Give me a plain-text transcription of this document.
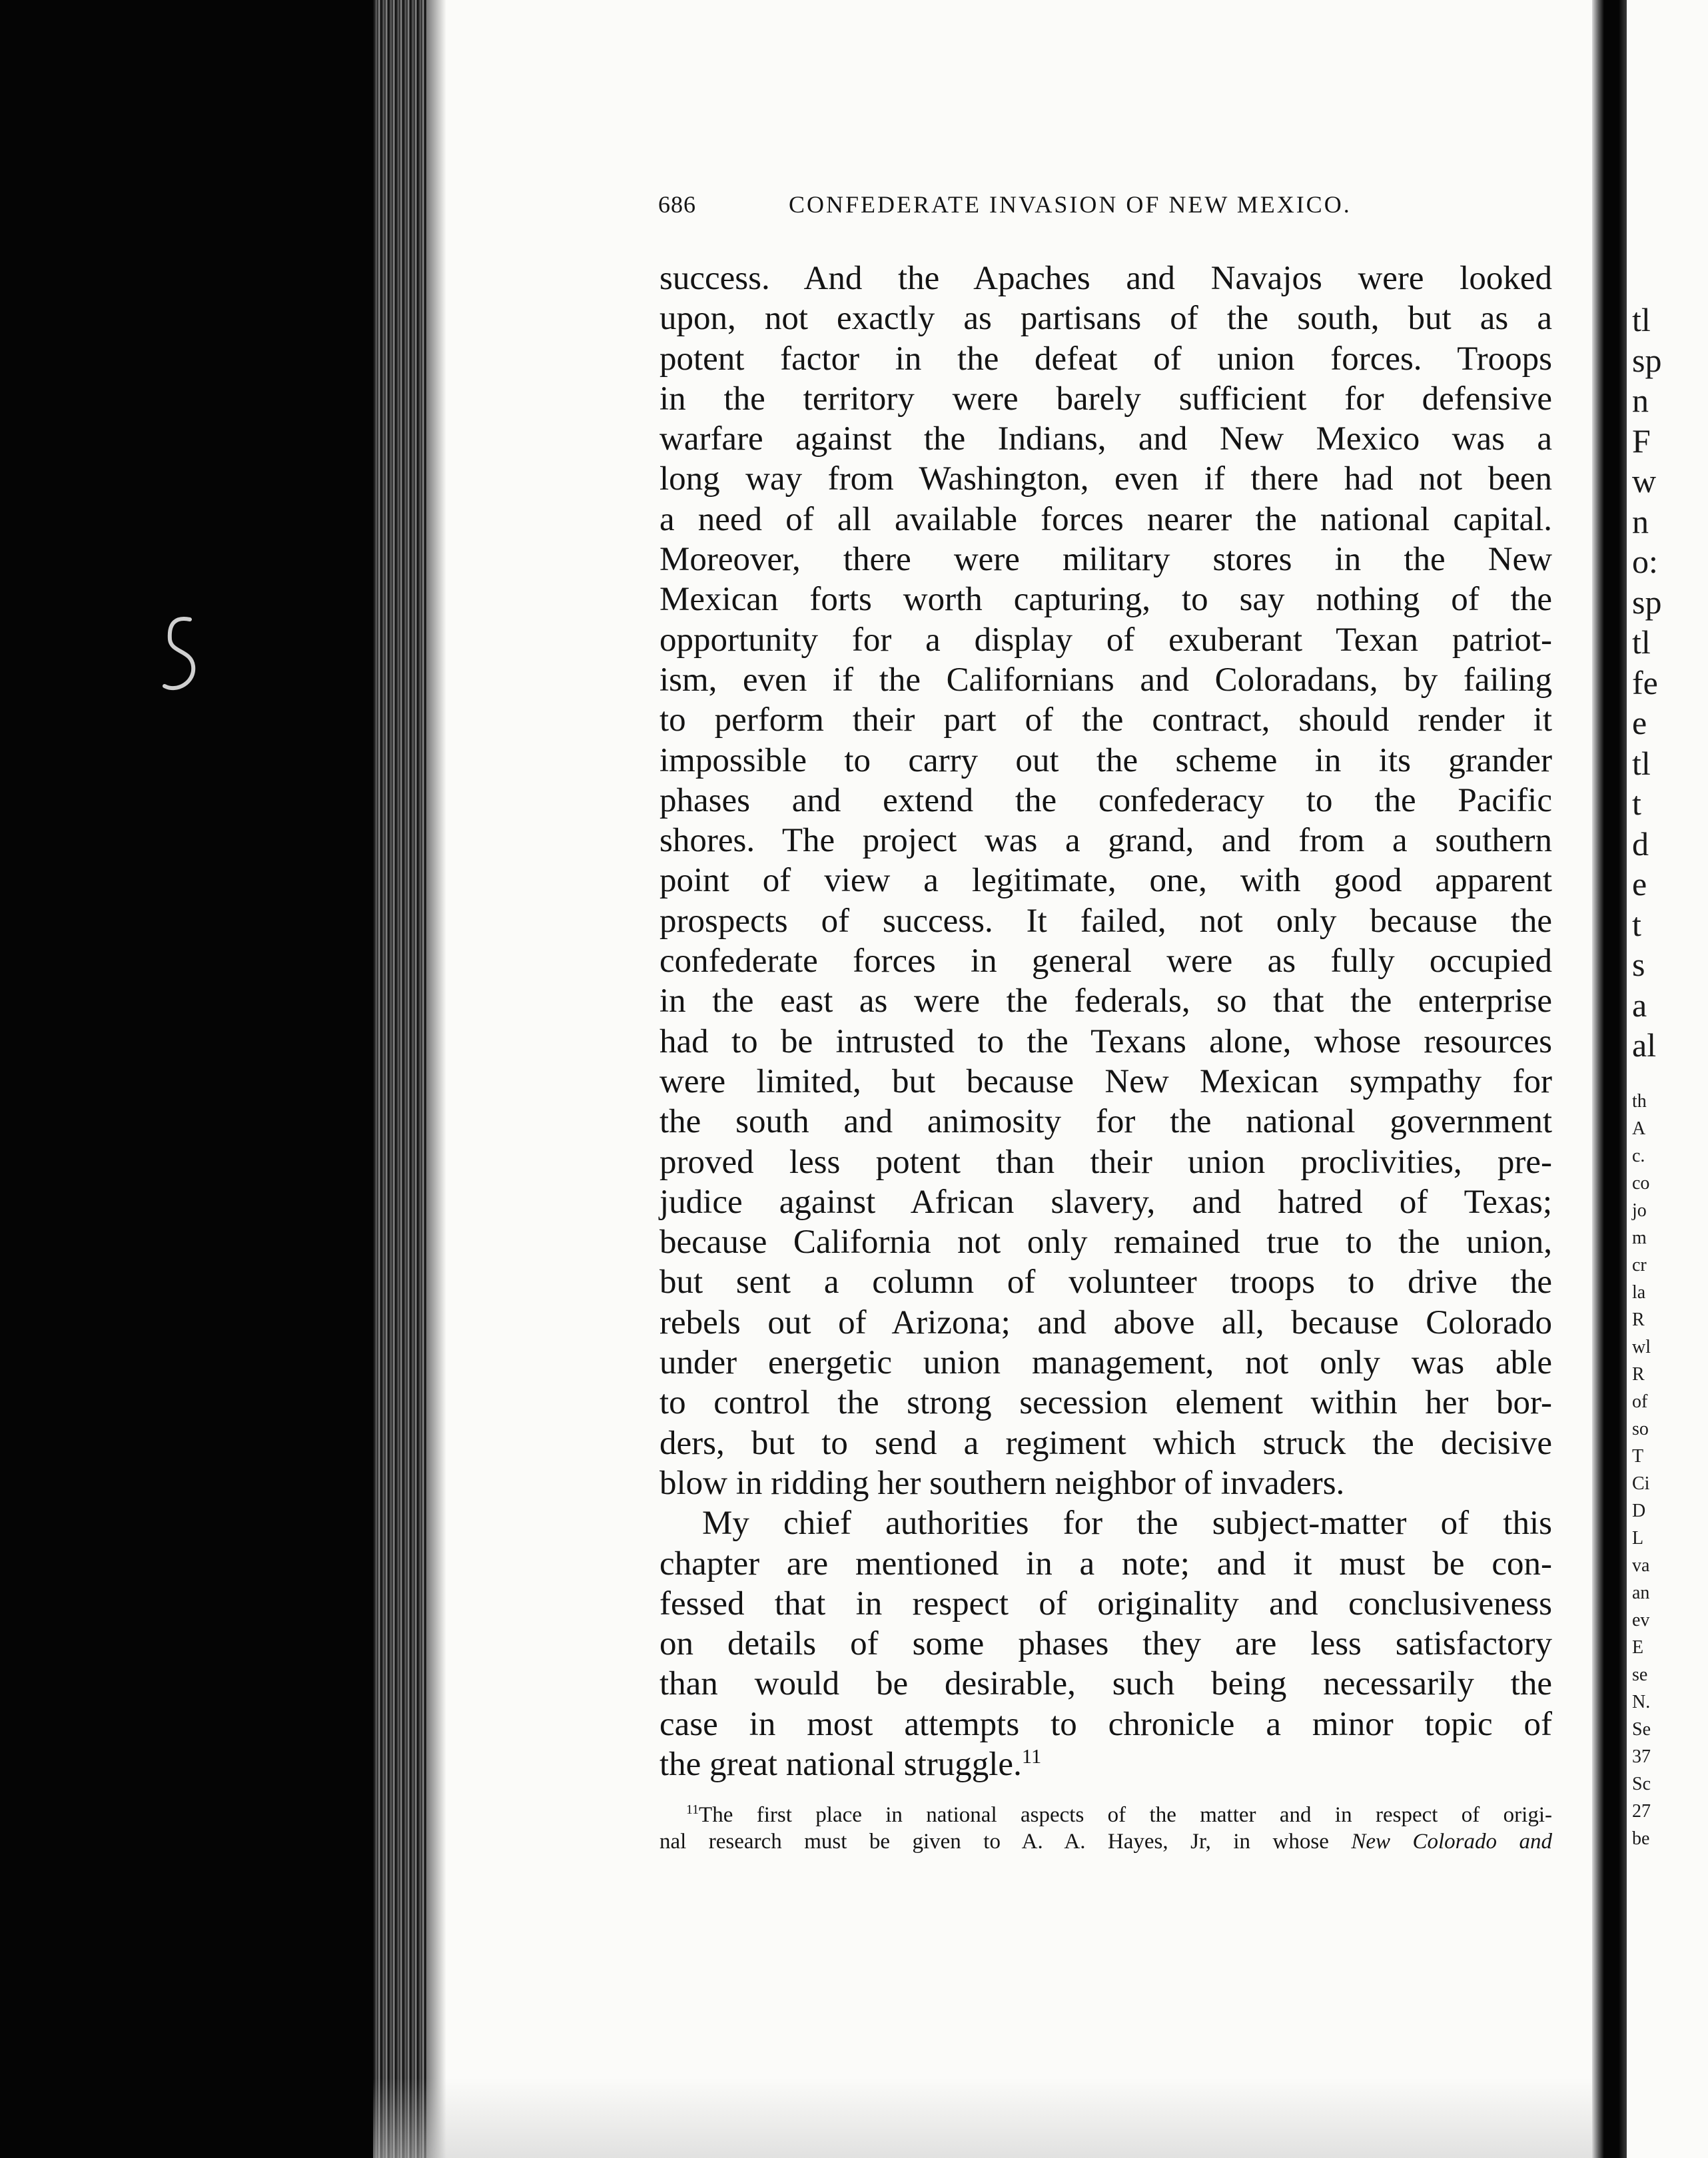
686	CONFEDERATE INVASION OF NEW MEXICO.
success. And the Apaches and Navajos were looked
upon, not exactly as partisans of the south, but as a
potent factor in the defeat of union forces. Troops
in the territory were barely sufficient for defensive
warfare against the Indians, and New Mexico was a
long way from Washington, even if there had not been
a need of all available forces nearer the national capital.
Moreover, there were military stores in the New
Mexican forts worth capturing, to say nothing of the
opportunity for a display of exuberant Texan patriot-
ism, even if the Californians and Coloradans, by failing
to perform their part of the contract, should render it
impossible to carry out the scheme in its grander
phases and extend the confederacy to the Pacific
shores. The project was a grand, and from a southern
point of view a legitimate, one, with good apparent
prospects of success. It failed, not only because the
confederate forces in general were as fully occupied
in the east as were the federals, so that the enterprise
had to be intrusted to the Texans alone, whose resources
were limited, but because New Mexican sympathy for
the south and animosity for the national government
proved less potent than their union proclivities, pre-
judice against African slavery, and hatred of Texas;
because California not only remained true to the union,
but sent a column of volunteer troops to drive the
rebels out of Arizona; and above all, because Colorado
under energetic union management, not only was able
to control the strong secession element within her bor-
ders, but to send a regiment which struck the decisive
blow in ridding her southern neighbor of invaders.
My chief authorities for the subject-matter of this
chapter are mentioned in a note; and it must be con-
fessed that in respect of originality and conclusiveness
on details of some phases they are less satisfactory
than would be desirable, such being necessarily the
case in most attempts to chronicle a minor topic of
the great national struggle.$^{11}$
$^{11}$The first place in national aspects of the matter and in respect of origi-
nal research must be given to A. A. Hayes, Jr, in whose New Colorado and
tl
sp
n
F
w
n
o:
sp
tl
fe
e
tl
t
d
e
t
s
a
al
th
A
c.
co
jo
m
cr
la
R
wl
R
of
so
T
Ci
D
L
va
an
ev
E
se
N.
Se
37
Sc
27
be
